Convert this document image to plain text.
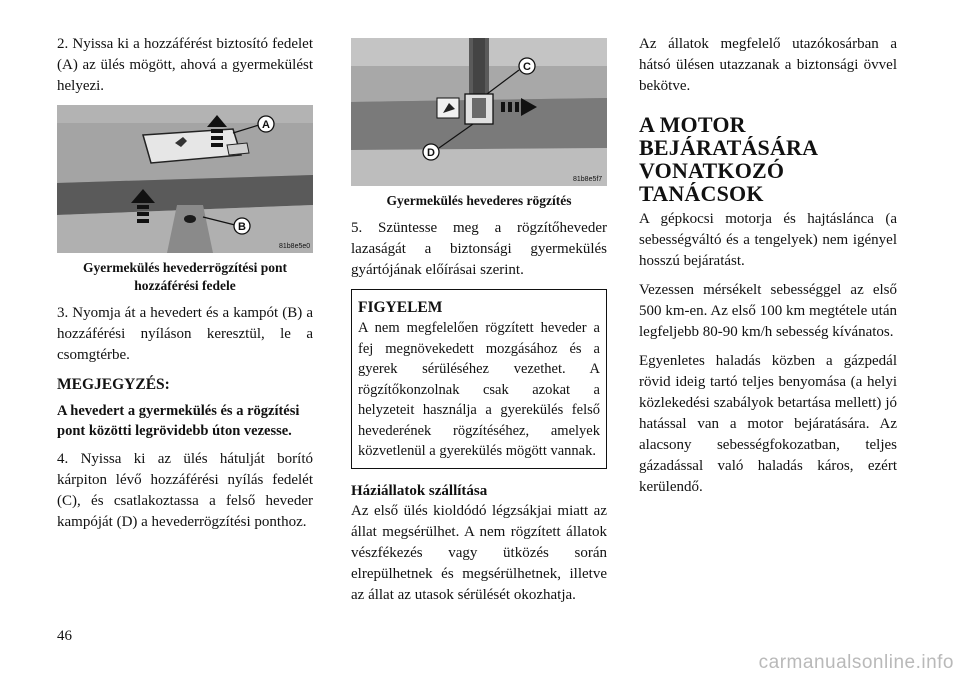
2. Nyissa ki a hozzáférést biztosító fedelet (A) az ülés mögött, ahová a gyermekülést helyezi.

A
B
81b8e5e0
Gyermekülés hevederrögzítési pont hozzáférési fedele

3. Nyomja át a hevedert és a kampót (B) a hozzáférési nyíláson keresztül, le a csomgtérbe.

MEGJEGYZÉS:
A hevedert a gyermekülés és a rögzítési pont közötti legrövidebb úton vezesse.

4. Nyissa ki az ülés hátulját borító kárpiton lévő hozzáférési nyílás fedelét (C), és csatlakoztassa a felső heveder kampóját (D) a hevederrögzítési ponthoz.

C
D
81b8e5f7
Gyermekülés hevederes rögzítés

5. Szüntesse meg a rögzítőheveder lazaságát a biztonsági gyermekülés gyártójának előírásai szerint.

FIGYELEM
A nem megfelelően rögzített heveder a fej megnövekedett mozgásához és a gyerek sérüléséhez vezethet. A rögzítőkonzolnak csak azokat a helyzeteit használja a gyerekülés felső hevederének rögzítéséhez, amelyek közvetlenül a gyerekülés mögött vannak.
Háziállatok szállítása

Az első ülés kioldódó légzsákjai miatt az állat megsérülhet. A nem rögzített állatok vészfékezés vagy ütközés során elrepülhetnek és megsérülhetnek, illetve az állat az utasok sérülését okozhatja.

Az állatok megfelelő utazókosárban a hátsó ülésen utazzanak a biztonsági övvel bekötve.

A MOTOR BEJÁRATÁSÁRA VONATKOZÓ TANÁCSOK

A gépkocsi motorja és hajtáslánca (a sebességváltó és a tengelyek) nem igényel hosszú bejáratást.

Vezessen mérsékelt sebességgel az első 500 km-en. Az első 100 km megtétele után legfeljebb 80-90 km/h sebesség kívánatos.

Egyenletes haladás közben a gázpedál rövid ideig tartó teljes benyomása (a helyi közlekedési szabályok betartása mellett) jó hatással van a motor bejáratására. Az alacsony sebességfokozatban, teljes gázadással való haladás káros, ezért kerülendő.

46
carmanualsonline.info
